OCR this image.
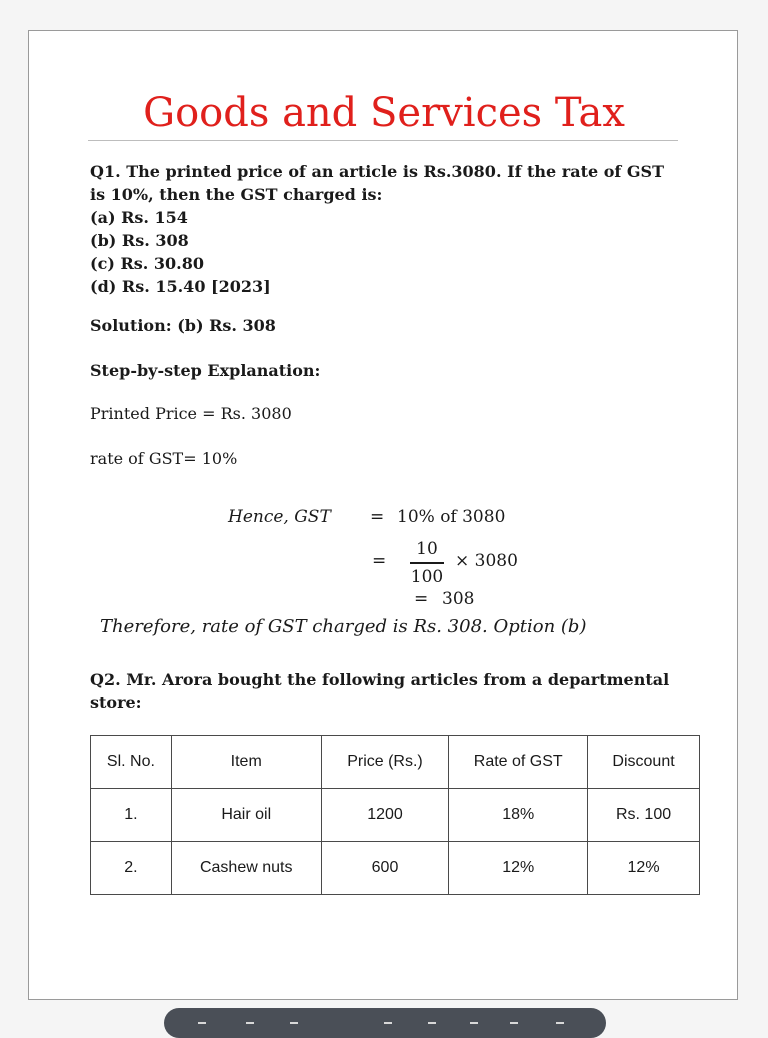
Goods and Services Tax
Q1. The printed price of an article is Rs.3080. If the rate of GST is 10%, then the GST charged is:
(a) Rs. 154
(b) Rs. 308
(c) Rs. 30.80
(d) Rs. 15.40 [2023]
Solution: (b) Rs. 308
Step-by-step Explanation:
Printed Price = Rs. 3080
rate of GST= 10%
Hence, GST = 10% of 3080
=
10
100
× 3080
= 308
Therefore, rate of GST charged is Rs. 308. Option (b)
Q2. Mr. Arora bought the following articles from a departmental store:
Sl. No.	Item	Price (Rs.)	Rate of GST	Discount
1.	Hair oil	1200	18%	Rs. 100
2.	Cashew nuts	600	12%	12%
